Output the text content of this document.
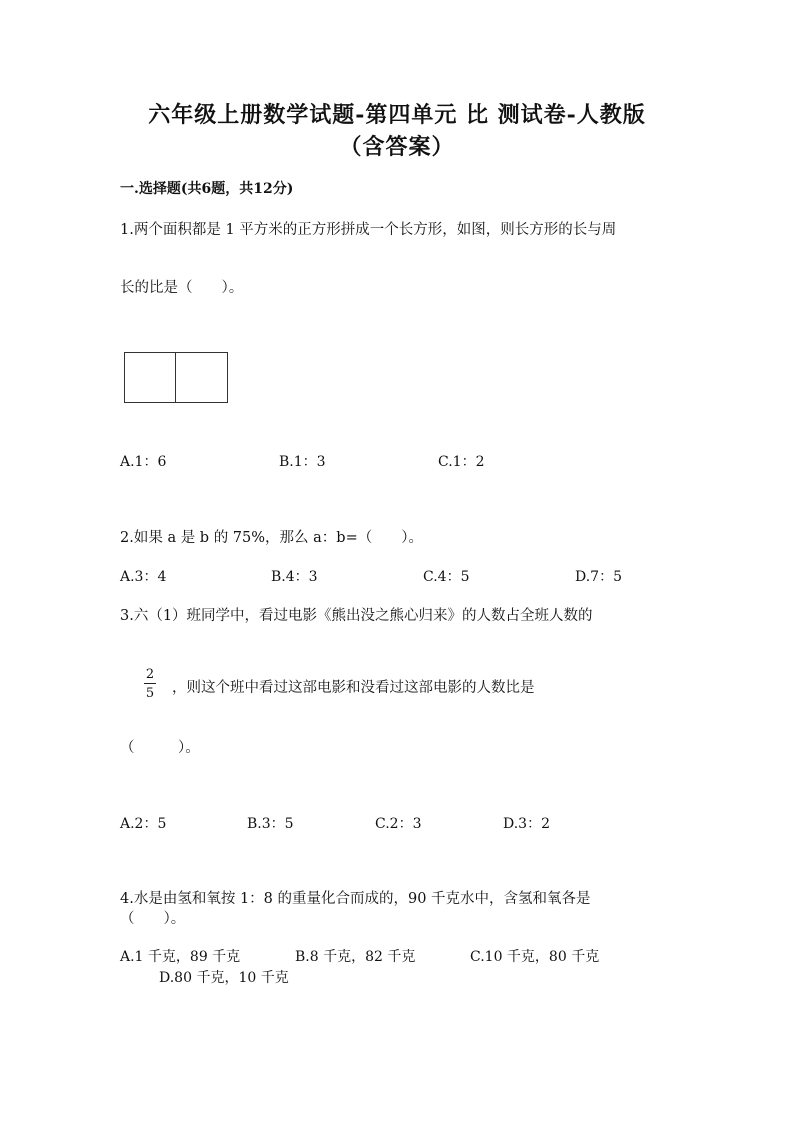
六年级上册数学试题-第四单元 比 测试卷-人教版
（含答案）
一.选择题(共6题，共12分)
1.两个面积都是 1 平方米的正方形拼成一个长方形，如图，则长方形的长与周
长的比是（　　）。
A.1：6	B.1：3	C.1：2
2.如果 a 是 b 的 75%，那么 a：b=（　　）。
A.3：4	B.4：3	C.4：5	D.7：5
3.六（1）班同学中，看过电影《熊出没之熊心归来》的人数占全班人数的
2
5 ，则这个班中看过这部电影和没看过这部电影的人数比是
（　　　）。
A.2：5	B.3：5	C.2：3	D.3：2
4.水是由氢和氧按 1：8 的重量化合而成的，90 千克水中，含氢和氧各是
（　　）。
A.1 千克，89 千克	B.8 千克，82 千克	C.10 千克，80 千克
D.80 千克，10 千克
